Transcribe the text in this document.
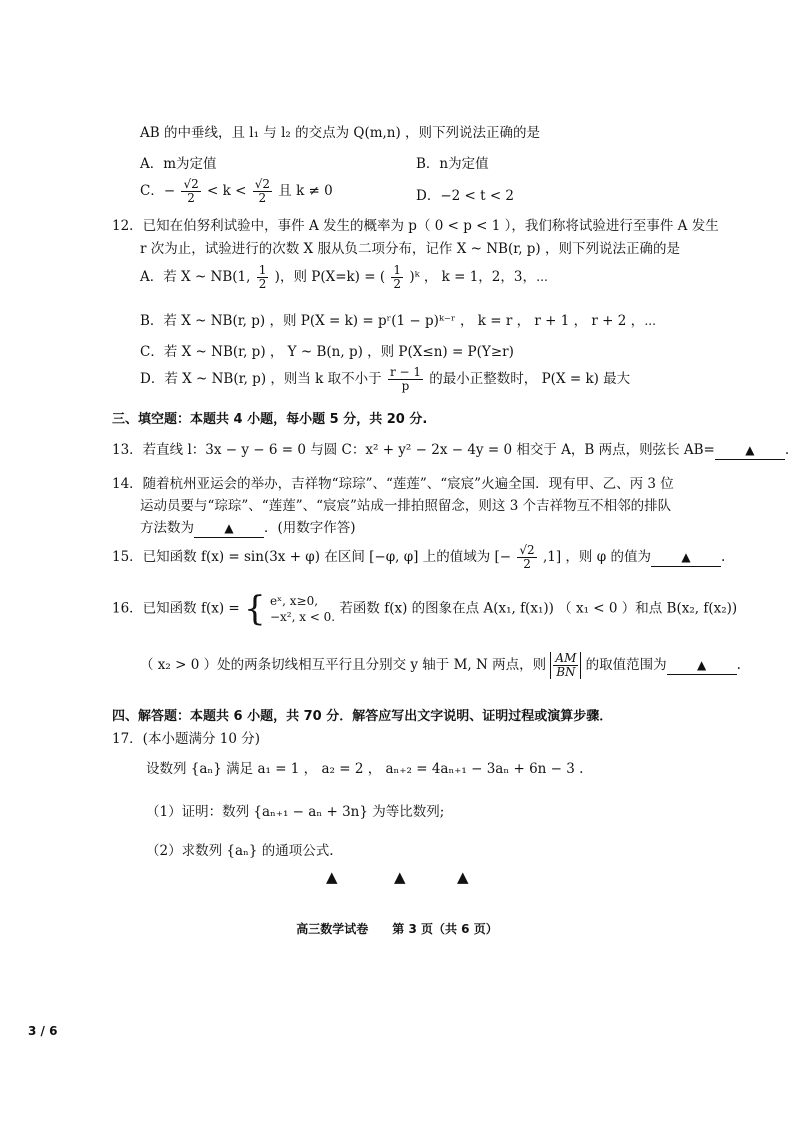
AB 的中垂线，且 l₁ 与 l₂ 的交点为 Q(m,n) ，则下列说法正确的是
A．m为定值	B．n为定值
C．− $\frac{√2}{2} < k < \frac{√2}{2}$ 且 k ≠ 0	D．−2 < t < 2
12．已知在伯努利试验中，事件 A 发生的概率为 p（ 0 < p < 1 ），我们称将试验进行至事件 A 发生
r 次为止，试验进行的次数 X 服从负二项分布，记作 X ~ NB(r, p) ，则下列说法正确的是
A．若 X ~ NB(1, $\frac{1}{2}$ )，则 P(X=k) = ( $\frac{1}{2}$ )ᵏ ， k = 1，2，3，⋯
B．若 X ~ NB(r, p) ，则 P(X = k) = pʳ(1 − p)ᵏ⁻ʳ ， k = r ， r + 1 ， r + 2 ，⋯
C．若 X ~ NB(r, p) ， Y ~ B(n, p) ，则 P(X≤n) = P(Y≥r)
D．若 X ~ NB(r, p) ，则当 k 取不小于 $\frac{r - 1}{p}$ 的最小正整数时， P(X = k) 最大
三、填空题：本题共 4 小题，每小题 5 分，共 20 分.
13．若直线 l：3x − y − 6 = 0 与圆 C：x² + y² − 2x − 4y = 0 相交于 A，B 两点，则弦长 AB=	▲ .
14．随着杭州亚运会的举办，吉祥物“琮琮”、“莲莲”、“宸宸”火遍全国．现有甲、乙、丙 3 位
运动员要与“琮琮”、“莲莲”、“宸宸”站成一排拍照留念，则这 3 个吉祥物互不相邻的排队
方法数为	▲ ．(用数字作答)
15．已知函数 f(x) = sin(3x + φ) 在区间 [−φ, φ] 上的值域为 [− $\frac{√2}{2} ,1$] ，则 φ 的值为	▲ .
16．已知函数 f(x) = { eˣ, x≥0,
−x², x < 0.
若函数 f(x) 的图象在点 A(x₁, f(x₁)) （ x₁ < 0 ）和点 B(x₂, f(x₂))
（ x₂ > 0 ）处的两条切线相互平行且分别交 y 轴于 M, N 两点，则 $\frac{AM}{BN}$ 的取值范围为	▲ .
四、解答题：本题共 6 小题，共 70 分．解答应写出文字说明、证明过程或演算步骤．
17．(本小题满分 10 分)
设数列 {aₙ} 满足 a₁ = 1 ， a₂ = 2 ， aₙ₊₂ = 4aₙ₊₁ − 3aₙ + 6n − 3 .
（1）证明：数列 {aₙ₊₁ − aₙ + 3n} 为等比数列;
（2）求数列 {aₙ} 的通项公式.
▲	▲	▲
高三数学试卷　　第 3 页（共 6 页）
3 / 6
